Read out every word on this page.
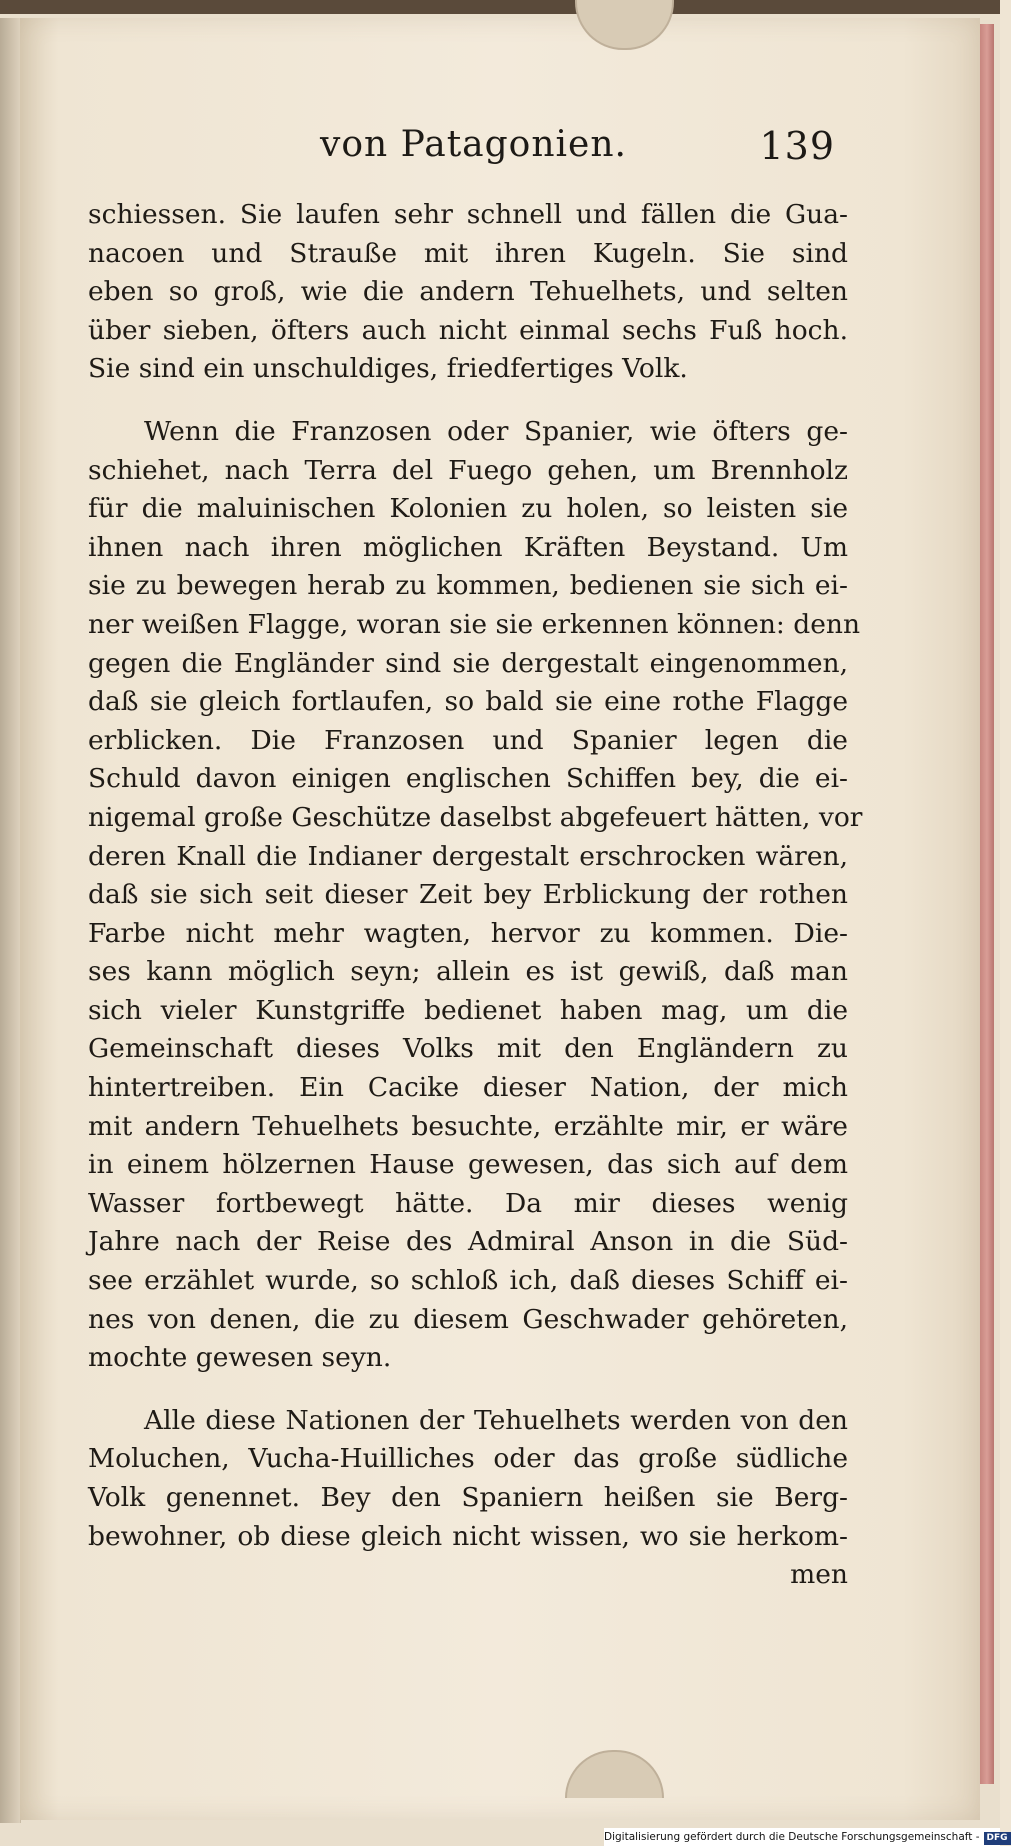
von Patagonien.	139
schiessen. Sie laufen sehr schnell und fällen die Gua-
nacoen und Strauße mit ihren Kugeln. Sie sind
eben so groß, wie die andern Tehuelhets, und selten
über sieben, öfters auch nicht einmal sechs Fuß hoch.
Sie sind ein unschuldiges, friedfertiges Volk.
Wenn die Franzosen oder Spanier, wie öfters ge-
schiehet, nach Terra del Fuego gehen, um Brennholz
für die maluinischen Kolonien zu holen, so leisten sie
ihnen nach ihren möglichen Kräften Beystand. Um
sie zu bewegen herab zu kommen, bedienen sie sich ei-
ner weißen Flagge, woran sie sie erkennen können: denn
gegen die Engländer sind sie dergestalt eingenommen,
daß sie gleich fortlaufen, so bald sie eine rothe Flagge
erblicken. Die Franzosen und Spanier legen die
Schuld davon einigen englischen Schiffen bey, die ei-
nigemal große Geschütze daselbst abgefeuert hätten, vor
deren Knall die Indianer dergestalt erschrocken wären,
daß sie sich seit dieser Zeit bey Erblickung der rothen
Farbe nicht mehr wagten, hervor zu kommen. Die-
ses kann möglich seyn; allein es ist gewiß, daß man
sich vieler Kunstgriffe bedienet haben mag, um die
Gemeinschaft dieses Volks mit den Engländern zu
hintertreiben. Ein Cacike dieser Nation, der mich
mit andern Tehuelhets besuchte, erzählte mir, er wäre
in einem hölzernen Hause gewesen, das sich auf dem
Wasser fortbewegt hätte. Da mir dieses wenig
Jahre nach der Reise des Admiral Anson in die Süd-
see erzählet wurde, so schloß ich, daß dieses Schiff ei-
nes von denen, die zu diesem Geschwader gehöreten,
mochte gewesen seyn.
Alle diese Nationen der Tehuelhets werden von den
Moluchen, Vucha-Huilliches oder das große südliche
Volk genennet. Bey den Spaniern heißen sie Berg-
bewohner, ob diese gleich nicht wissen, wo sie herkom-
men
Digitalisierung gefördert durch die Deutsche Forschungsgemeinschaft - DFG
